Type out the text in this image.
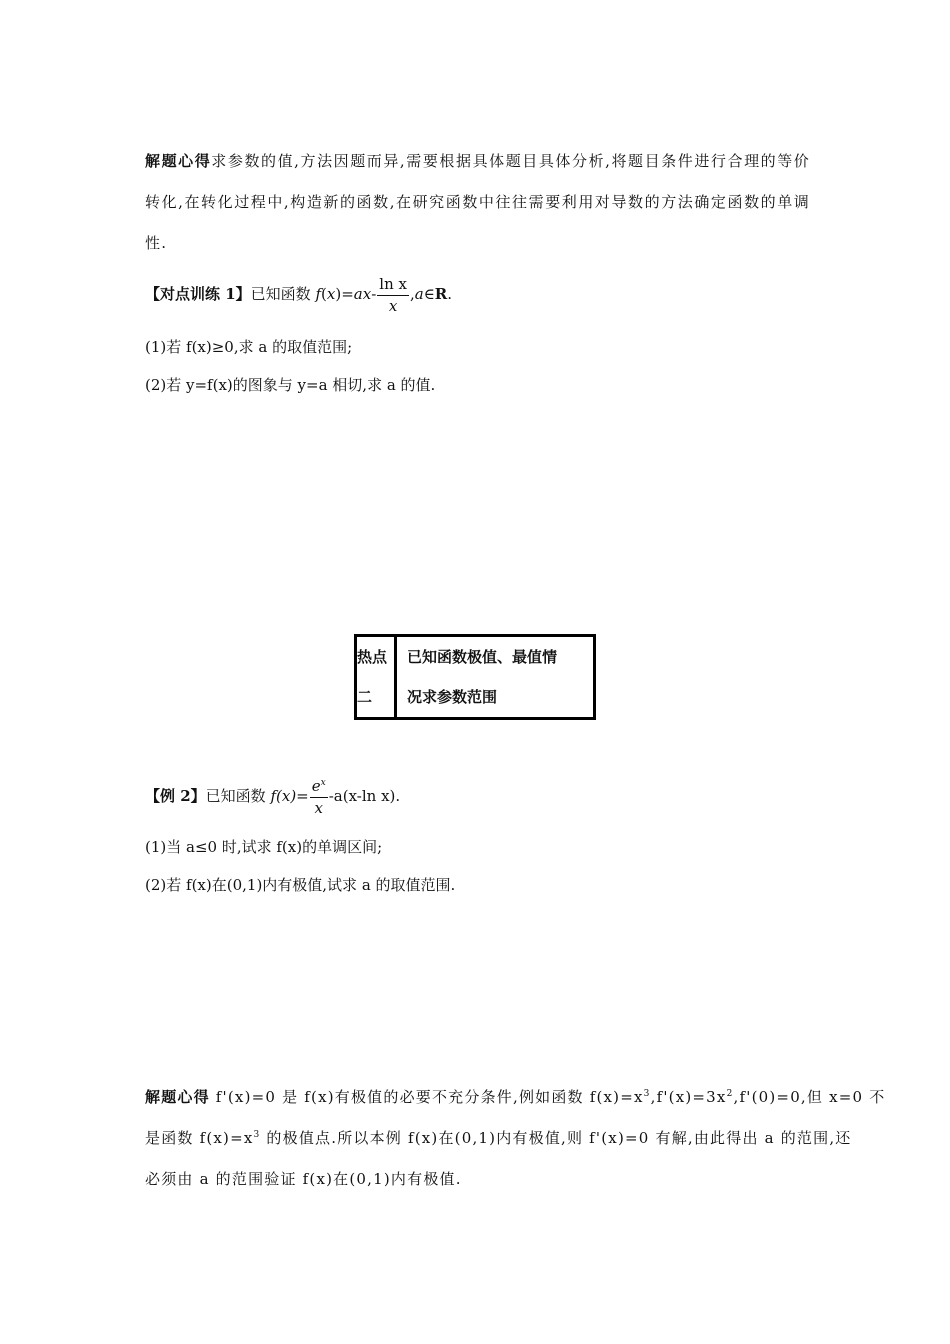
解题心得求参数的值,方法因题而异,需要根据具体题目具体分析,将题目条件进行合理的等价转化,在转化过程中,构造新的函数,在研究函数中往往需要利用对导数的方法确定函数的单调性.
【对点训练 1】已知函数 $f(x)=ax- \frac{\text{ln x}}{x}$ ,a∈R.
(1)若 f(x)≥0,求 a 的取值范围;
(2)若 y=f(x)的图象与 y=a 相切,求 a 的值.
热点
二
已知函数极值、最值情
况求参数范围
【例 2】已知函数 $f(x)= \frac{e^x}{x} -a(x-\ln$ x).
(1)当 a≤0 时,试求 f(x)的单调区间;
(2)若 f(x)在(0,1)内有极值,试求 a 的取值范围.
解题心得 f'(x)=0 是 f(x)有极值的必要不充分条件,例如函数 $f(x)=x^3,f'(x)=3x^2,f'(0)=0$,但 x=0 不
是函数 $f(x)=x^3$ 的极值点.所以本例 f(x)在(0,1)内有极值,则 f'(x)=0 有解,由此得出 a 的范围,还
必须由 a 的范围验证 f(x)在(0,1)内有极值.
